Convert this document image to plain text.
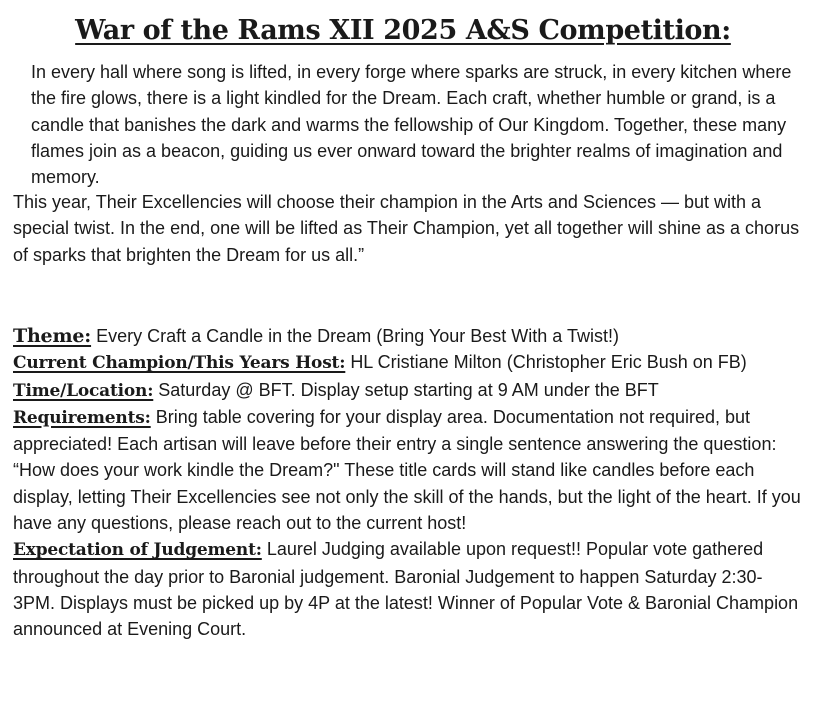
War of the Rams XII 2025 A&S Competition:

In every hall where song is lifted, in every forge where sparks are struck, in every kitchen where the fire glows, there is a light kindled for the Dream. Each craft, whether humble or grand, is a candle that banishes the dark and warms the fellowship of Our Kingdom. Together, these many flames join as a beacon, guiding us ever onward toward the brighter realms of imagination and memory.

This year, Their Excellencies will choose their champion in the Arts and Sciences — but with a special twist. In the end, one will be lifted as Their Champion, yet all together will shine as a chorus of sparks that brighten the Dream for us all.”

Theme: Every Craft a Candle in the Dream (Bring Your Best With a Twist!)

Current Champion/This Years Host: HL Cristiane Milton (Christopher Eric Bush on FB)

Time/Location: Saturday @ BFT. Display setup starting at 9 AM under the BFT

Requirements: Bring table covering for your display area. Documentation not required, but appreciated! Each artisan will leave before their entry a single sentence answering the question: “How does your work kindle the Dream?" These title cards will stand like candles before each display, letting Their Excellencies see not only the skill of the hands, but the light of the heart. If you have any questions, please reach out to the current host!

Expectation of Judgement: Laurel Judging available upon request!! Popular vote gathered throughout the day prior to Baronial judgement. Baronial Judgement to happen Saturday 2:30-3PM. Displays must be picked up by 4P at the latest! Winner of Popular Vote & Baronial Champion announced at Evening Court.
